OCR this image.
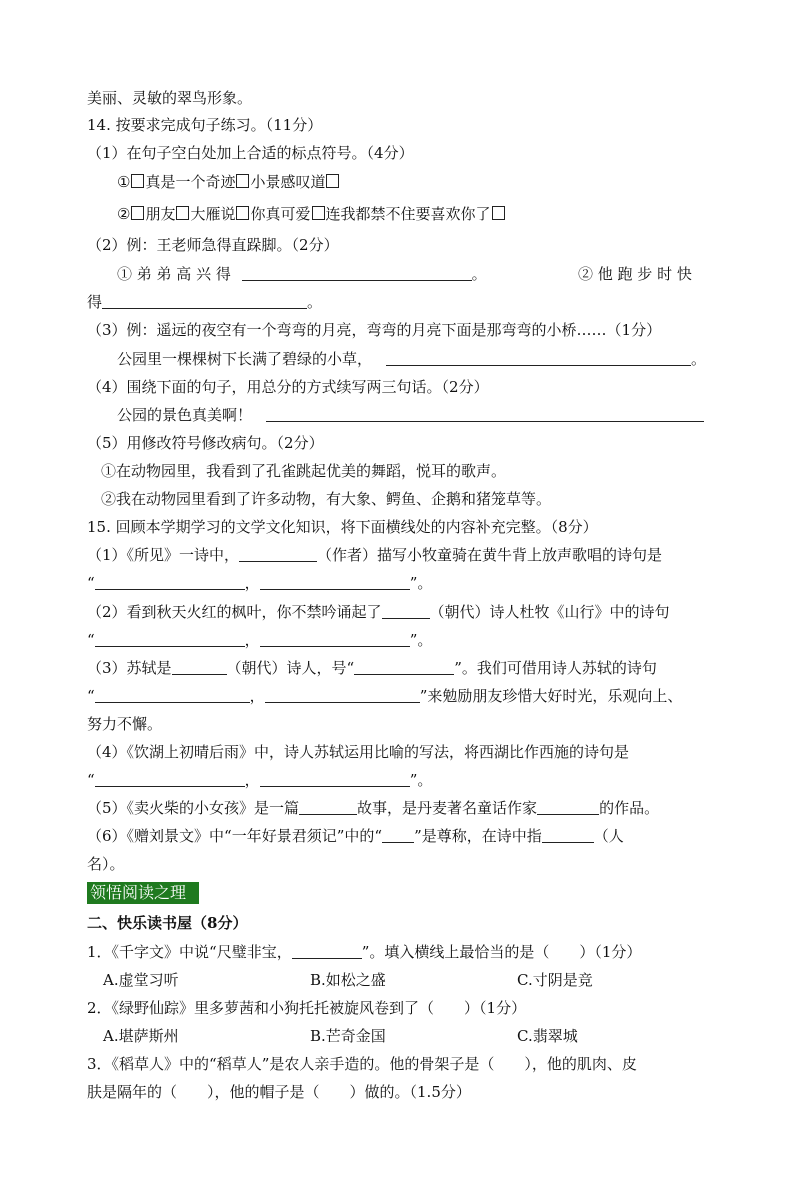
美丽、灵敏的翠鸟形象。
14. 按要求完成句子练习。（11分）
（1）在句子空白处加上合适的标点符号。（4分）
① 真是一个奇迹 小景感叹道
② 朋友 大雁说 你真可爱 连我都禁不住要喜欢你了
（2）例：王老师急得直跺脚。（2分）
① 弟 弟 高 兴 得	。	② 他 跑 步 时 快
得	。
（3）例：遥远的夜空有一个弯弯的月亮，弯弯的月亮下面是那弯弯的小桥……（1分）
公园里一棵棵树下长满了碧绿的小草，	。
（4）围绕下面的句子，用总分的方式续写两三句话。（2分）
公园的景色真美啊！
（5）用修改符号修改病句。（2分）
①在动物园里，我看到了孔雀跳起优美的舞蹈，悦耳的歌声。
②我在动物园里看到了许多动物，有大象、鳄鱼、企鹅和猪笼草等。
15. 回顾本学期学习的文学文化知识，将下面横线处的内容补充完整。（8分）
（1）《所见》一诗中，	（作者）描写小牧童骑在黄牛背上放声歌唱的诗句是
“	，	”。
（2）看到秋天火红的枫叶，你不禁吟诵起了	（朝代）诗人杜牧《山行》中的诗句
“	，	”。
（3）苏轼是	（朝代）诗人，号“	”。我们可借用诗人苏轼的诗句
“	，	”来勉励朋友珍惜大好时光，乐观向上、
努力不懈。
（4）《饮湖上初晴后雨》中，诗人苏轼运用比喻的写法，将西湖比作西施的诗句是
“	，	”。
（5）《卖火柴的小女孩》是一篇	故事，是丹麦著名童话作家	的作品。
（6）《赠刘景文》中“一年好景君须记”中的“ ”是尊称，在诗中指	（人
名）。
领悟阅读之理
二、快乐读书屋（8分）
1．《千字文》中说“尺璧非宝，	”。填入横线上最恰当的是（　　）（1分）
A.虚堂习听	B.如松之盛	C.寸阴是竞
2．《绿野仙踪》里多萝茜和小狗托托被旋风卷到了（　　）（1分）
A.堪萨斯州	B.芒奇金国	C.翡翠城
3．《稻草人》中的“稻草人”是农人亲手造的。他的骨架子是（　　），他的肌肉、皮
肤是隔年的（　　），他的帽子是（　　）做的。（1.5分）
